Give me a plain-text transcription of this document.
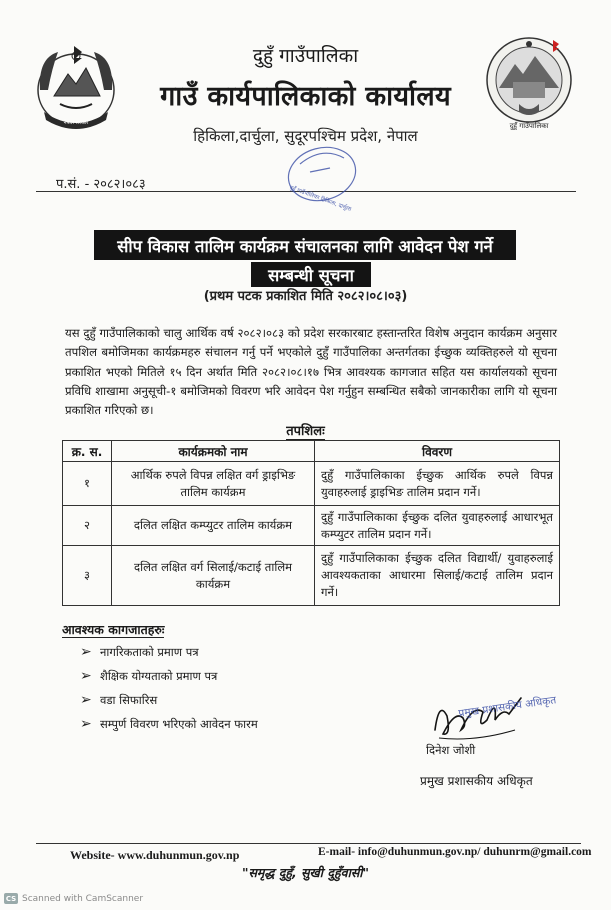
नेपाल सरकार	दुहुँ गाउँपालिका
दुहुँ गाउँपालिका
गाउँ कार्यपालिकाको कार्यालय
हिकिला,दार्चुला, सुदूरपश्चिम प्रदेश, नेपाल
प.सं. - २०८२।०८३
दुहुँ गाउँपालिका हिकिला, दार्चुला
सीप विकास तालिम कार्यक्रम संचालनका लागि आवेदन पेश गर्ने
सम्बन्धी सूचना
(प्रथम पटक प्रकाशित मिति २०८२।०८।०३)

यस दुहुँ गाउँपालिकाको चालु आर्थिक वर्ष २०८२।०८३ को प्रदेश सरकारबाट हस्तान्तरित विशेष अनुदान कार्यक्रम अनुसार तपशिल बमोजिमका कार्यक्रमहरु संचालन गर्नु पर्ने भएकोले दुहुँ गाउँपालिका अन्तर्गतका ईच्छुक व्यक्तिहरुले यो सूचना प्रकाशित भएको मितिले १५ दिन अर्थात मिति २०८२।०८।१७ भित्र आवश्यक कागजात सहित यस कार्यालयको सूचना प्रविधि शाखामा अनुसूची-१ बमोजिमको विवरण भरि आवेदन पेश गर्नुहुन सम्बन्धित सबैको जानकारीका लागि यो सूचना प्रकाशित गरिएको छ।

तपशिलः
क्र. स.	कार्यक्रमको नाम	विवरण
१	आर्थिक रुपले विपन्न लक्षित वर्ग ड्राइभिङ तालिम कार्यक्रम	दुहुँ गाउँपालिकाका ईच्छुक आर्थिक रुपले विपन्न युवाहरुलाई ड्राइभिङ तालिम प्रदान गर्ने।
२	दलित लक्षित कम्प्युटर तालिम कार्यक्रम	दुहुँ गाउँपालिकाका ईच्छुक दलित युवाहरुलाई आधारभूत कम्प्युटर तालिम प्रदान गर्ने।
३	दलित लक्षित वर्ग सिलाई/कटाई तालिम कार्यक्रम	दुहुँ गाउँपालिकाका ईच्छुक दलित विद्यार्थी/ युवाहरुलाई आवश्यकताका आधारमा सिलाई/कटाई तालिम प्रदान गर्ने।
आवश्यक कागजातहरुः
➢ नागरिकताको प्रमाण पत्र
➢ शैक्षिक योग्यताको प्रमाण पत्र
➢ वडा सिफारिस
➢ सम्पुर्ण विवरण भरिएको आवेदन फारम
प्रमुख प्रशासकीय अधिकृत
दिनेश जोशी
प्रमुख प्रशासकीय अधिकृत
Website- www.duhunmun.gov.np	E-mail- info@duhunmun.gov.np/ duhunrm@gmail.com
"समृद्ध दुहुँ, सुखी दुहुँवासी"
CS Scanned with CamScanner
